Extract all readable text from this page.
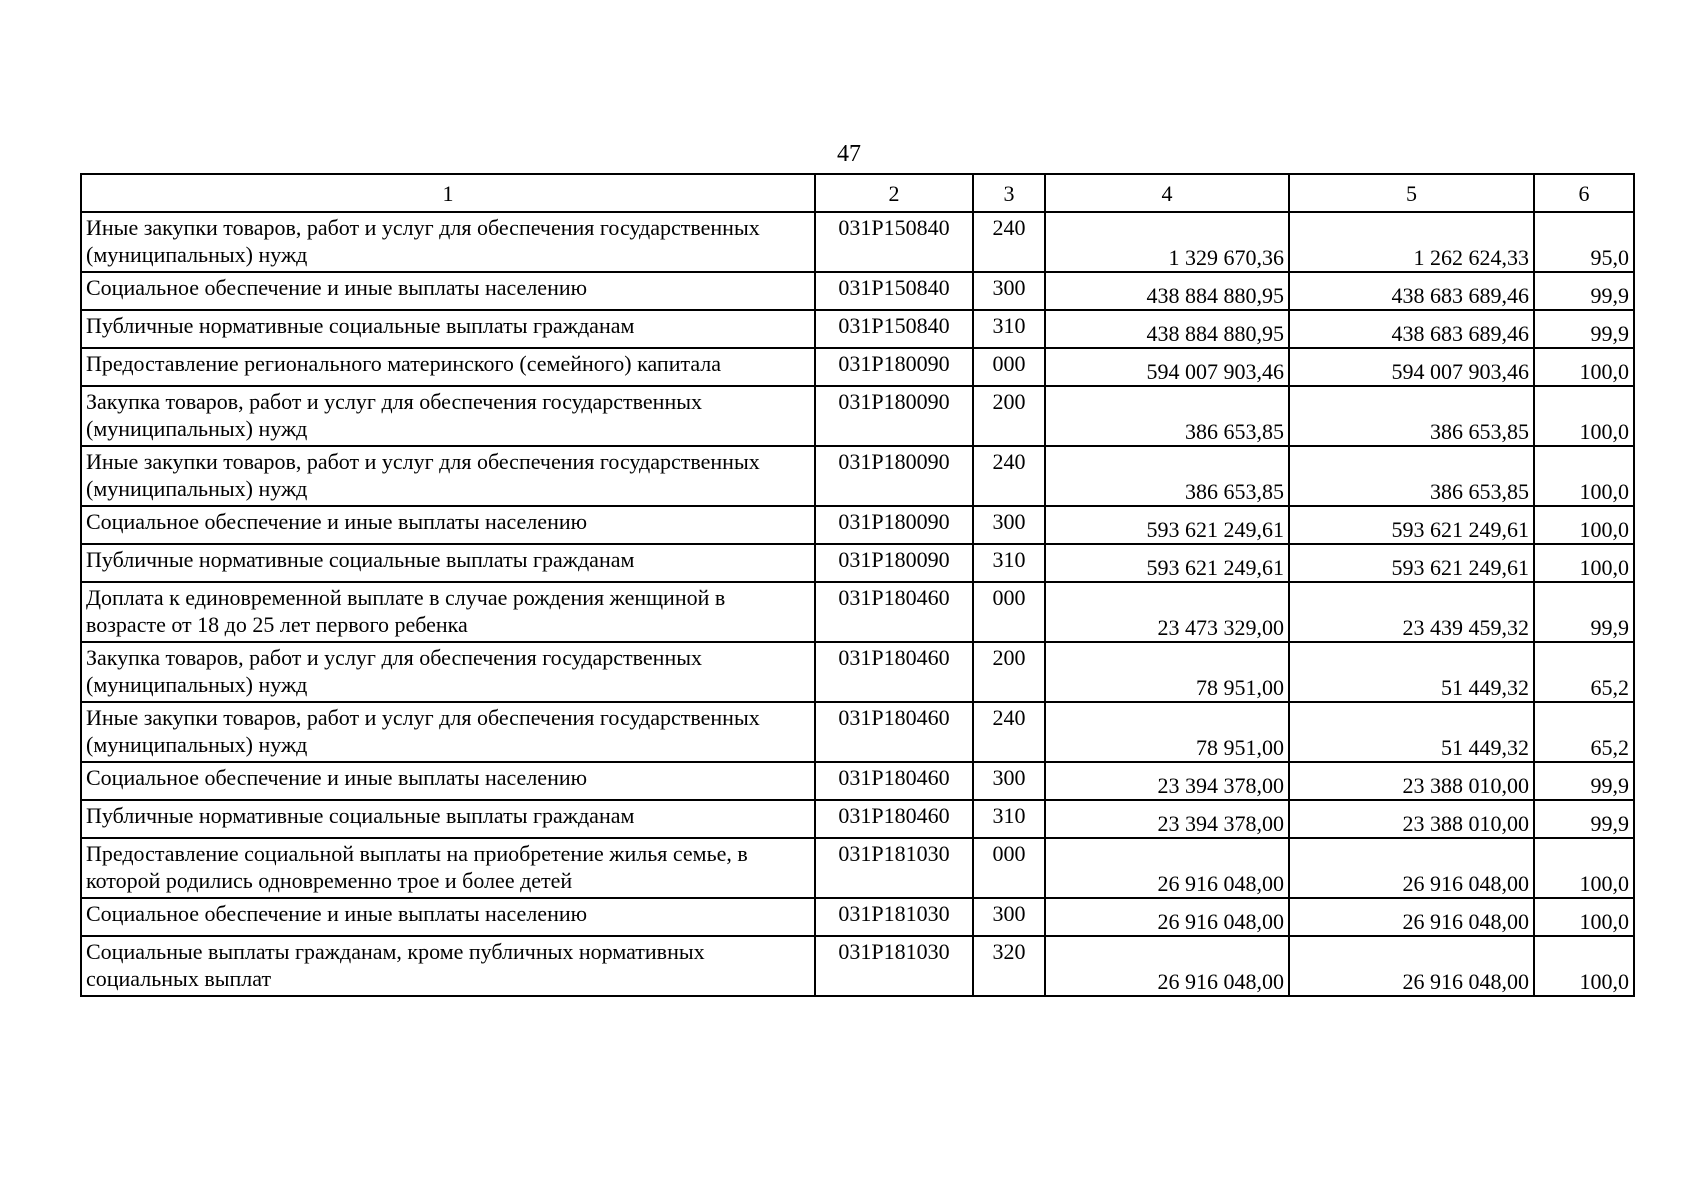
47
1	2	3	4	5	6
Иные закупки товаров, работ и услуг для обеспечения государственных (муниципальных) нужд	031P150840	240	1 329 670,36	1 262 624,33	95,0
Социальное обеспечение и иные выплаты населению	031P150840	300	438 884 880,95	438 683 689,46	99,9
Публичные нормативные социальные выплаты гражданам	031P150840	310	438 884 880,95	438 683 689,46	99,9
Предоставление регионального материнского (семейного) капитала	031P180090	000	594 007 903,46	594 007 903,46	100,0
Закупка товаров, работ и услуг для обеспечения государственных (муниципальных) нужд	031P180090	200	386 653,85	386 653,85	100,0
Иные закупки товаров, работ и услуг для обеспечения государственных (муниципальных) нужд	031P180090	240	386 653,85	386 653,85	100,0
Социальное обеспечение и иные выплаты населению	031P180090	300	593 621 249,61	593 621 249,61	100,0
Публичные нормативные социальные выплаты гражданам	031P180090	310	593 621 249,61	593 621 249,61	100,0
Доплата к единовременной выплате в случае рождения женщиной в возрасте от 18 до 25 лет первого ребенка	031P180460	000	23 473 329,00	23 439 459,32	99,9
Закупка товаров, работ и услуг для обеспечения государственных (муниципальных) нужд	031P180460	200	78 951,00	51 449,32	65,2
Иные закупки товаров, работ и услуг для обеспечения государственных (муниципальных) нужд	031P180460	240	78 951,00	51 449,32	65,2
Социальное обеспечение и иные выплаты населению	031P180460	300	23 394 378,00	23 388 010,00	99,9
Публичные нормативные социальные выплаты гражданам	031P180460	310	23 394 378,00	23 388 010,00	99,9
Предоставление социальной выплаты на приобретение жилья семье, в которой родились одновременно трое и более детей	031P181030	000	26 916 048,00	26 916 048,00	100,0
Социальное обеспечение и иные выплаты населению	031P181030	300	26 916 048,00	26 916 048,00	100,0
Социальные выплаты гражданам, кроме публичных нормативных социальных выплат	031P181030	320	26 916 048,00	26 916 048,00	100,0
